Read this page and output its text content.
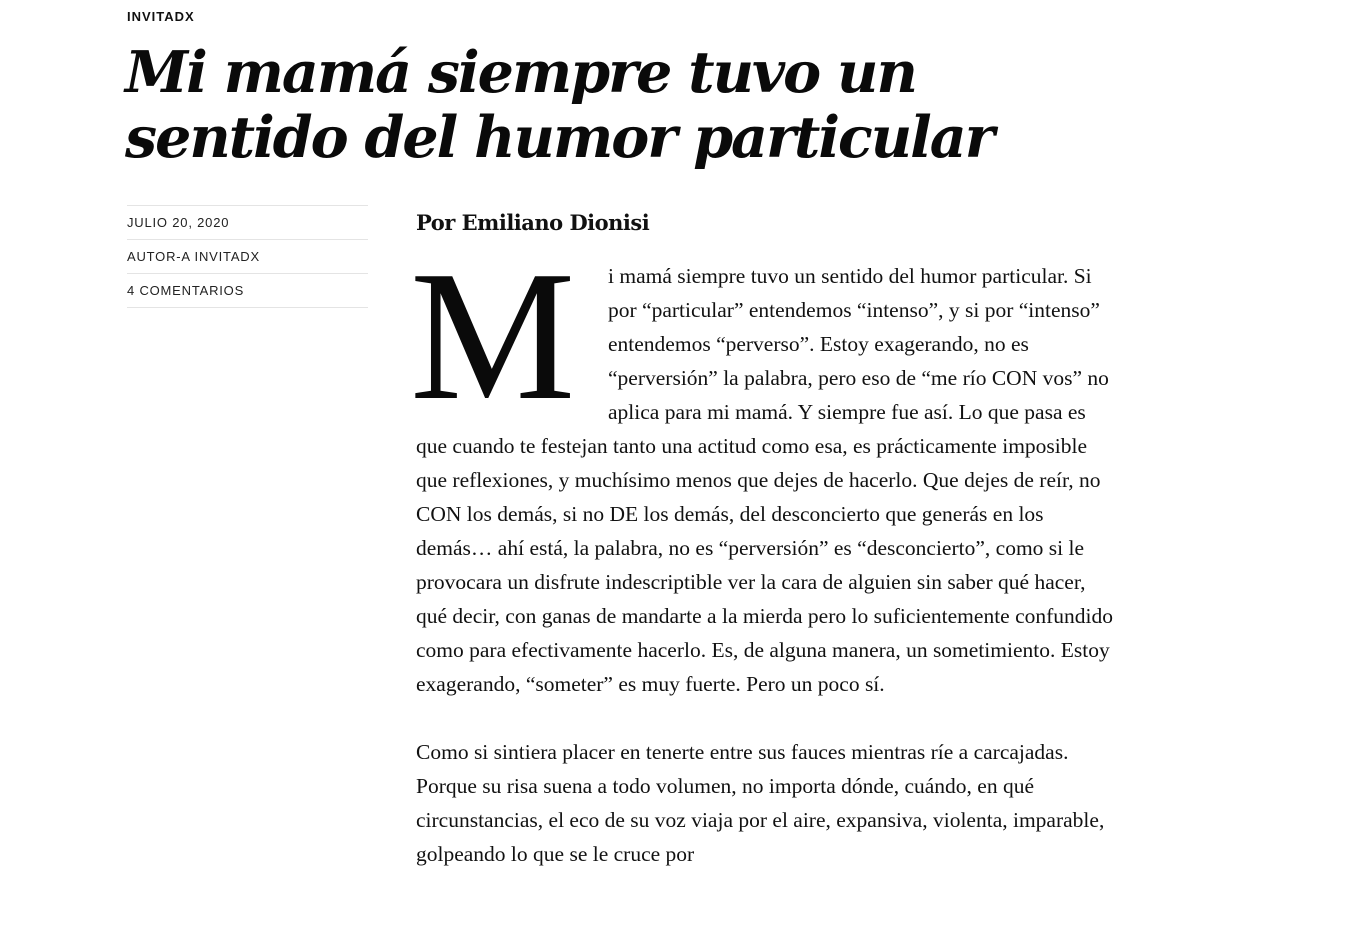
INVITADX
Mi mamá siempre tuvo un sentido del humor particular
JULIO 20, 2020
AUTOR-A INVITADX
4 COMENTARIOS

Por Emiliano Dionisi

M	i mamá siempre tuvo un sentido del humor particular. Si por “particular” entendemos “intenso”, y si por “intenso” entendemos “perverso”. Estoy exagerando, no es “perversión” la palabra, pero eso de “me río CON vos” no aplica para mi mamá. Y siempre fue así. Lo que pasa es que cuando te festejan tanto una actitud como esa, es prácticamente imposible que reflexiones, y muchísimo menos que dejes de hacerlo. Que dejes de reír, no CON los demás, si no DE los demás, del desconcierto que generás en los demás… ahí está, la palabra, no es “perversión” es “desconcierto”, como si le provocara un disfrute indescriptible ver la cara de alguien sin saber qué hacer, qué decir, con ganas de mandarte a la mierda pero lo suficientemente confundido como para efectivamente hacerlo. Es, de alguna manera, un sometimiento. Estoy exagerando, “someter” es muy fuerte. Pero un poco sí.

Como si sintiera placer en tenerte entre sus fauces mientras ríe a carcajadas. Porque su risa suena a todo volumen, no importa dónde, cuándo, en qué circunstancias, el eco de su voz viaja por el aire, expansiva, violenta, imparable, golpeando lo que se le cruce por
